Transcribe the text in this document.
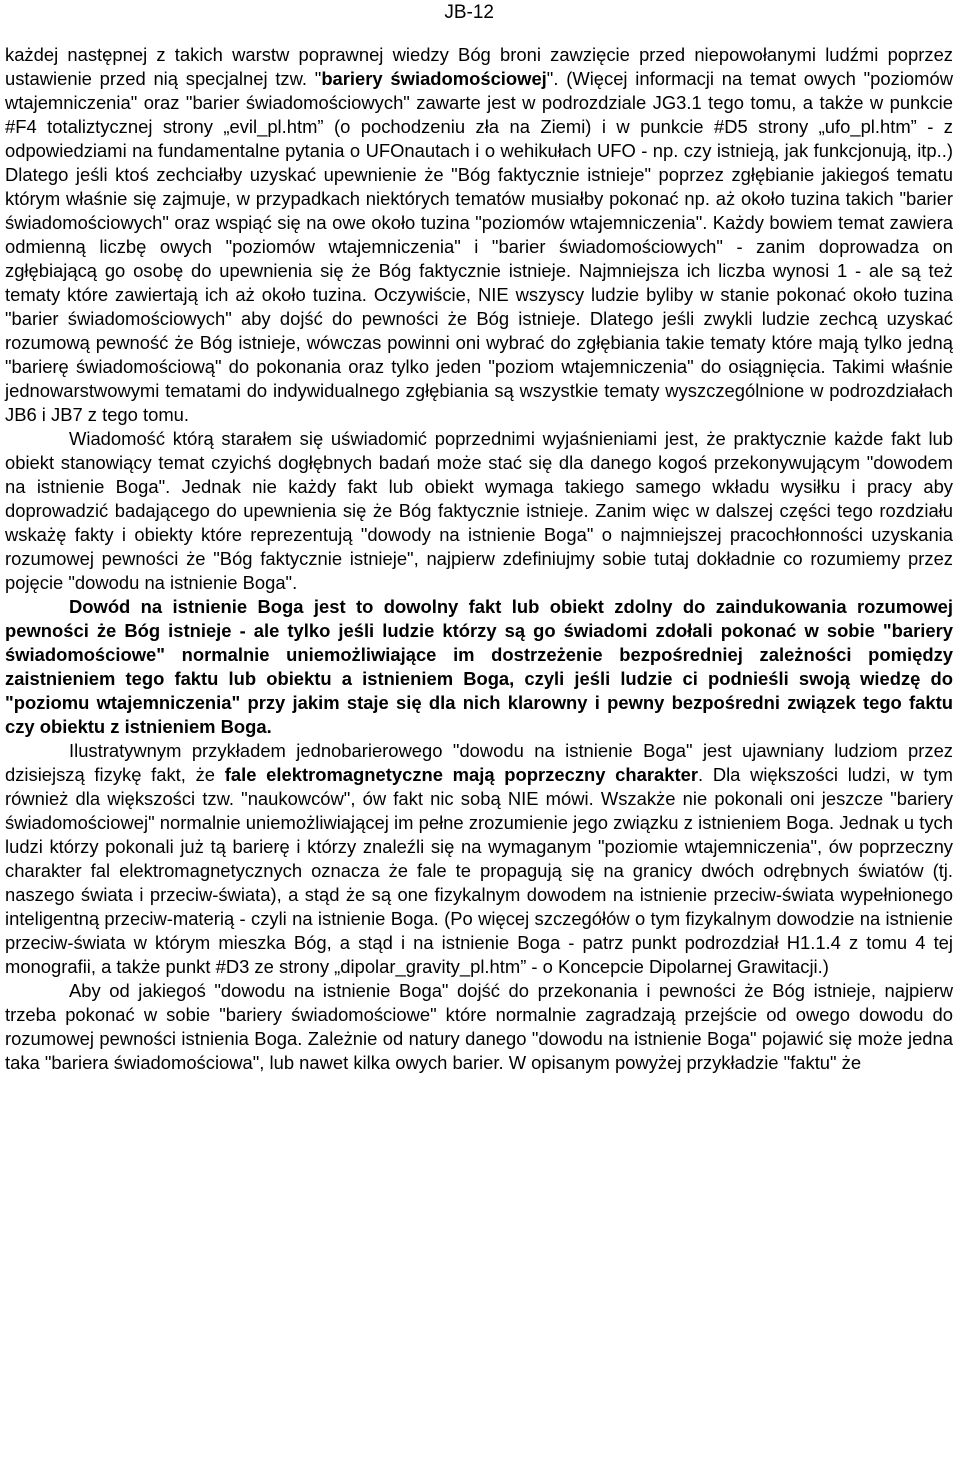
JB-12

każdej następnej z takich warstw poprawnej wiedzy Bóg broni zawzięcie przed niepowołanymi ludźmi poprzez ustawienie przed nią specjalnej tzw. "bariery świadomościowej". (Więcej informacji na temat owych "poziomów wtajemniczenia" oraz "barier świadomościowych" zawarte jest w podrozdziale JG3.1 tego tomu, a także w punkcie #F4 totaliztycznej strony „evil_pl.htm” (o pochodzeniu zła na Ziemi) i w punkcie #D5 strony „ufo_pl.htm” - z odpowiedziami na fundamentalne pytania o UFOnautach i o wehikułach UFO - np. czy istnieją, jak funkcjonują, itp..) Dlatego jeśli ktoś zechciałby uzyskać upewnienie że "Bóg faktycznie istnieje" poprzez zgłębianie jakiegoś tematu którym właśnie się zajmuje, w przypadkach niektórych tematów musiałby pokonać np. aż około tuzina takich "barier świadomościowych" oraz wspiąć się na owe około tuzina "poziomów wtajemniczenia". Każdy bowiem temat zawiera odmienną liczbę owych "poziomów wtajemniczenia" i "barier świadomościowych" - zanim doprowadza on zgłębiającą go osobę do upewnienia się że Bóg faktycznie istnieje. Najmniejsza ich liczba wynosi 1 - ale są też tematy które zawiertają ich aż około tuzina. Oczywiście, NIE wszyscy ludzie byliby w stanie pokonać około tuzina "barier świadomościowych" aby dojść do pewności że Bóg istnieje. Dlatego jeśli zwykli ludzie zechcą uzyskać rozumową pewność że Bóg istnieje, wówczas powinni oni wybrać do zgłębiania takie tematy które mają tylko jedną "barierę świadomościową" do pokonania oraz tylko jeden "poziom wtajemniczenia" do osiągnięcia. Takimi właśnie jednowarstwowymi tematami do indywidualnego zgłębiania są wszystkie tematy wyszczególnione w podrozdziałach JB6 i JB7 z tego tomu.

Wiadomość którą starałem się uświadomić poprzednimi wyjaśnieniami jest, że praktycznie każde fakt lub obiekt stanowiący temat czyichś dogłębnych badań może stać się dla danego kogoś przekonywującym "dowodem na istnienie Boga". Jednak nie każdy fakt lub obiekt wymaga takiego samego wkładu wysiłku i pracy aby doprowadzić badającego do upewnienia się że Bóg faktycznie istnieje. Zanim więc w dalszej części tego rozdziału wskażę fakty i obiekty które reprezentują "dowody na istnienie Boga" o najmniejszej pracochłonności uzyskania rozumowej pewności że "Bóg faktycznie istnieje", najpierw zdefiniujmy sobie tutaj dokładnie co rozumiemy przez pojęcie "dowodu na istnienie Boga".

Dowód na istnienie Boga jest to dowolny fakt lub obiekt zdolny do zaindukowania rozumowej pewności że Bóg istnieje - ale tylko jeśli ludzie którzy są go świadomi zdołali pokonać w sobie "bariery świadomościowe" normalnie uniemożliwiające im dostrzeżenie bezpośredniej zależności pomiędzy zaistnieniem tego faktu lub obiektu a istnieniem Boga, czyli jeśli ludzie ci podnieśli swoją wiedzę do "poziomu wtajemniczenia" przy jakim staje się dla nich klarowny i pewny bezpośredni związek tego faktu czy obiektu z istnieniem Boga.

Ilustratywnym przykładem jednobarierowego "dowodu na istnienie Boga" jest ujawniany ludziom przez dzisiejszą fizykę fakt, że fale elektromagnetyczne mają poprzeczny charakter. Dla większości ludzi, w tym również dla większości tzw. "naukowców", ów fakt nic sobą NIE mówi. Wszakże nie pokonali oni jeszcze "bariery świadomościowej" normalnie uniemożliwiającej im pełne zrozumienie jego związku z istnieniem Boga. Jednak u tych ludzi którzy pokonali już tą barierę i którzy znaleźli się na wymaganym "poziomie wtajemniczenia", ów poprzeczny charakter fal elektromagnetycznych oznacza że fale te propagują się na granicy dwóch odrębnych światów (tj. naszego świata i przeciw-świata), a stąd że są one fizykalnym dowodem na istnienie przeciw-świata wypełnionego inteligentną przeciw-materią - czyli na istnienie Boga. (Po więcej szczegółów o tym fizykalnym dowodzie na istnienie przeciw-świata w którym mieszka Bóg, a stąd i na istnienie Boga - patrz punkt podrozdział H1.1.4 z tomu 4 tej monografii, a także punkt #D3 ze strony „dipolar_gravity_pl.htm” - o Koncepcie Dipolarnej Grawitacji.)

Aby od jakiegoś "dowodu na istnienie Boga" dojść do przekonania i pewności że Bóg istnieje, najpierw trzeba pokonać w sobie "bariery świadomościowe" które normalnie zagradzają przejście od owego dowodu do rozumowej pewności istnienia Boga. Zależnie od natury danego "dowodu na istnienie Boga" pojawić się może jedna taka "bariera świadomościowa", lub nawet kilka owych barier. W opisanym powyżej przykładzie "faktu" że
